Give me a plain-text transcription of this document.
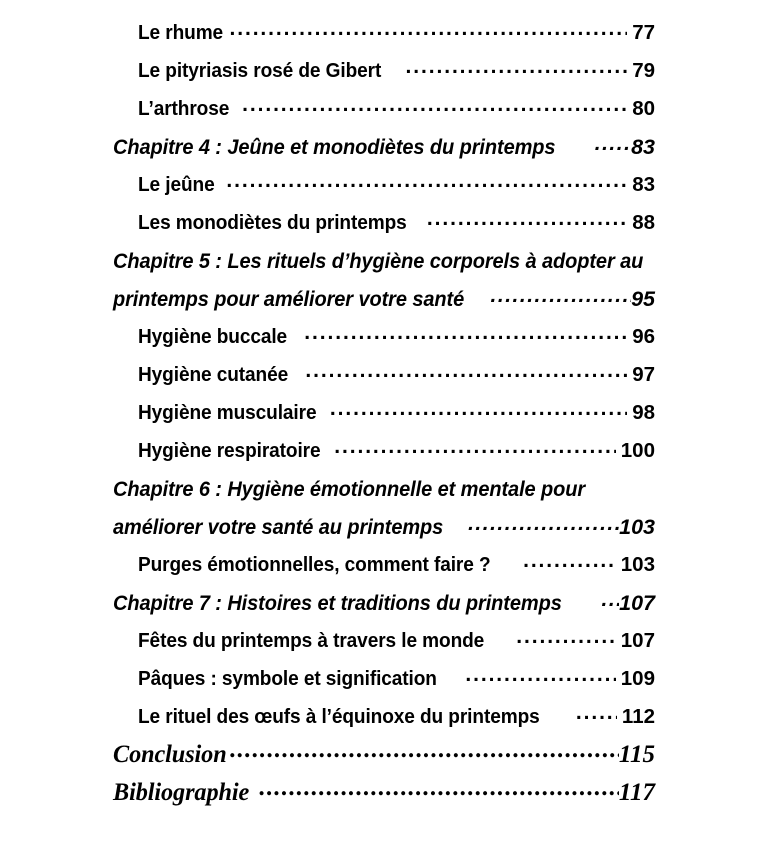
Le rhume .....	77
Le pityriasis rosé de Gibert .....	79
L’arthrose .....	80
Chapitre 4 : Jeûne et monodiètes du printemps .....	83
Le jeûne .....	83
Les monodiètes du printemps .....	88
Chapitre 5 : Les rituels d’hygiène corporels à adopter au
printemps pour améliorer votre santé .....	95
Hygiène buccale .....	96
Hygiène cutanée .....	97
Hygiène musculaire .....	98
Hygiène respiratoire .....	100
Chapitre 6 : Hygiène émotionnelle et mentale pour
améliorer votre santé au printemps .....	103
Purges émotionnelles, comment faire ? .....	103
Chapitre 7 : Histoires et traditions du printemps .....	107
Fêtes du printemps à travers le monde .....	107
Pâques : symbole et signification .....	109
Le rituel des œufs à l’équinoxe du printemps .....	112
Conclusion .....	115
Bibliographie .....	117
